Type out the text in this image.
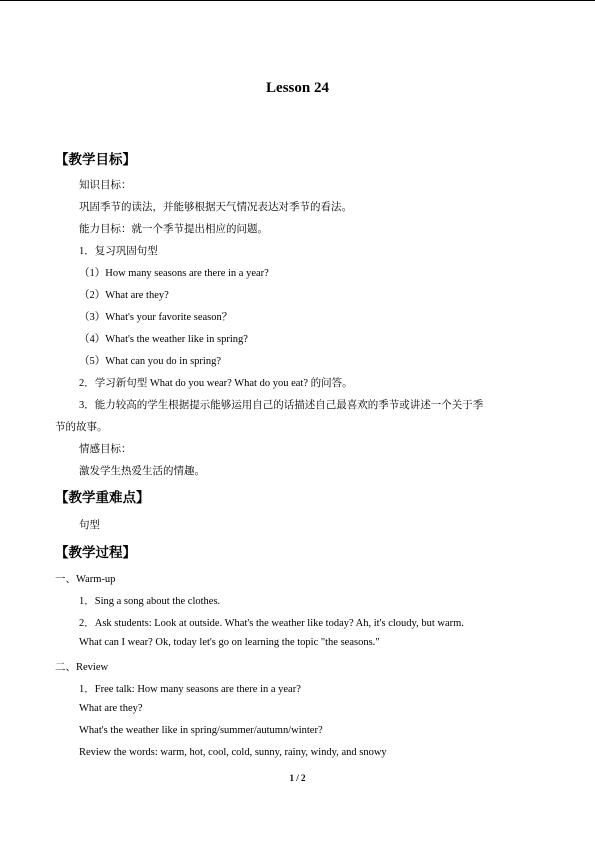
Lesson 24
【教学目标】
知识目标：
巩固季节的读法，并能够根据天气情况表达对季节的看法。
能力目标：就一个季节提出相应的问题。
1．复习巩固句型
（1）How many seasons are there in a year?
（2）What are they?
（3）What's your favorite season？
（4）What's the weather like in spring?
（5）What can you do in spring?
2．学习新句型 What do you wear? What do you eat? 的问答。
3．能力较高的学生根据提示能够运用自己的话描述自己最喜欢的季节或讲述一个关于季
节的故事。
情感目标：
激发学生热爱生活的情趣。
【教学重难点】
句型
【教学过程】
一、Warm-up
1．Sing a song about the clothes.
2．Ask students: Look at outside. What's the weather like today? Ah, it's cloudy, but warm.
What can I wear? Ok, today let's go on learning the topic "the seasons."
二、Review
1．Free talk: How many seasons are there in a year?
What are they?
What's the weather like in spring/summer/autumn/winter?
Review the words: warm, hot, cool, cold, sunny, rainy, windy, and snowy
1 / 2
